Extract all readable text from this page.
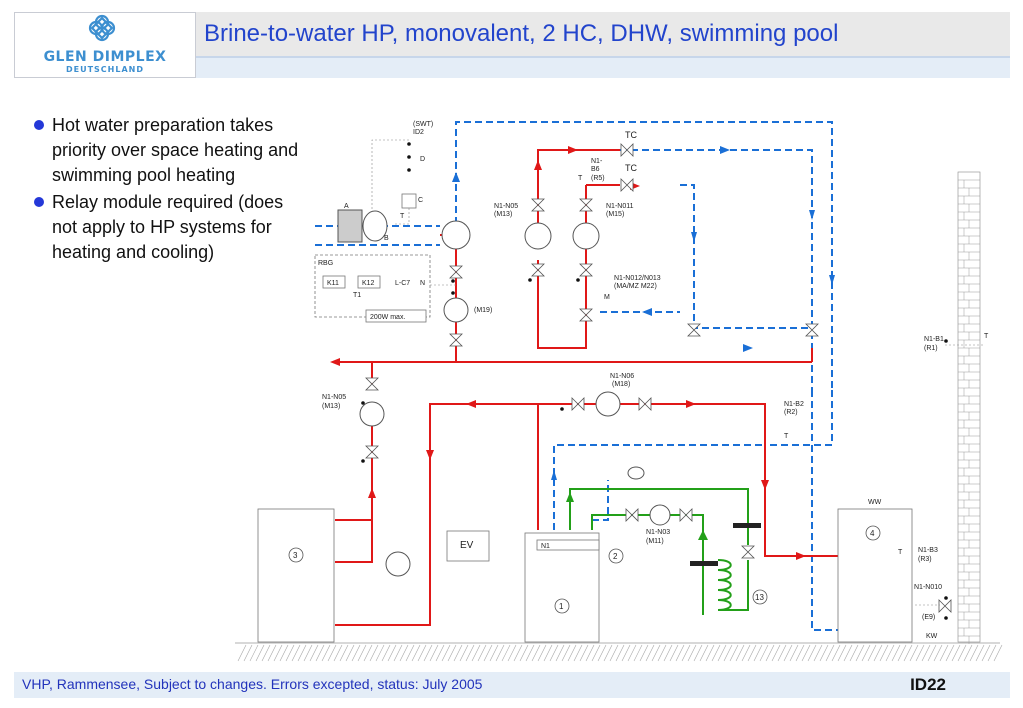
GLEN DIMPLEX
DEUTSCHLAND
Brine-to-water HP, monovalent, 2 HC, DHW, swimming pool
Hot water preparation takes priority over space heating and swimming pool heating
Relay module required (does not apply to HP systems for heating and cooling)
(SWT)
ID2
D
C
A
B
T
RBG
K11	K12	L-C7 N
T1
200W max.
(M19)
TC
TC
N1-
B6
(R5)
T
N1-N05
(M13)
N1-N011
(M15)
N1-N012/N013
(MA/MZ M22)
M
N1-N06
(M18)
N1-N05
(M13)	N1-B2
(R2)
T
N1-B1
(R1)
T
EV	N1
N1-N03
(M11)
WW
KW
N1-B3
(R3)
T
N1-N010
(E9)
3
1
2
4
13
VHP, Rammensee, Subject to changes. Errors excepted, status: July 2005	ID22
